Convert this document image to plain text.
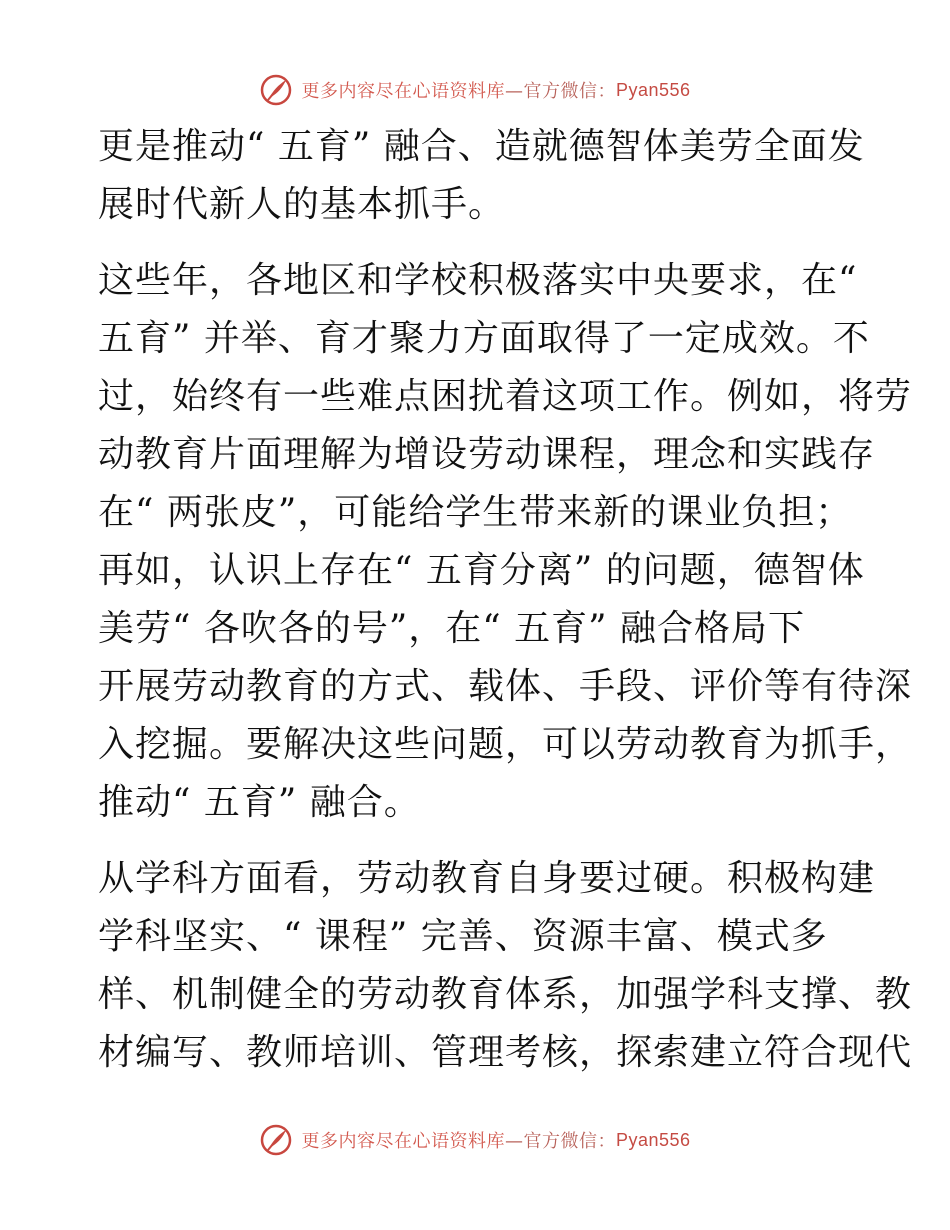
更多内容尽在心语资料库 —官方微信： Pyan556
更是推动“ 五育” 融合、造就德智体美劳全面发
展时代新人的基本抓手。
这些年，各地区和学校积极落实中央要求，在“
五育” 并举、育才聚力方面取得了一定成效。不
过，始终有一些难点困扰着这项工作。例如，将劳
动教育片面理解为增设劳动课程，理念和实践存
在“ 两张皮”，可能给学生带来新的课业负担；
再如，认识上存在“ 五育分离” 的问题，德智体
美劳“ 各吹各的号”，在“ 五育” 融合格局下
开展劳动教育的方式、载体、手段、评价等有待深
入挖掘。要解决这些问题，可以劳动教育为抓手，
推动“ 五育” 融合。
从学科方面看，劳动教育自身要过硬。积极构建
学科坚实、“ 课程” 完善、资源丰富、模式多
样、机制健全的劳动教育体系，加强学科支撑、教
材编写、教师培训、管理考核，探索建立符合现代
更多内容尽在心语资料库 —官方微信： Pyan556
